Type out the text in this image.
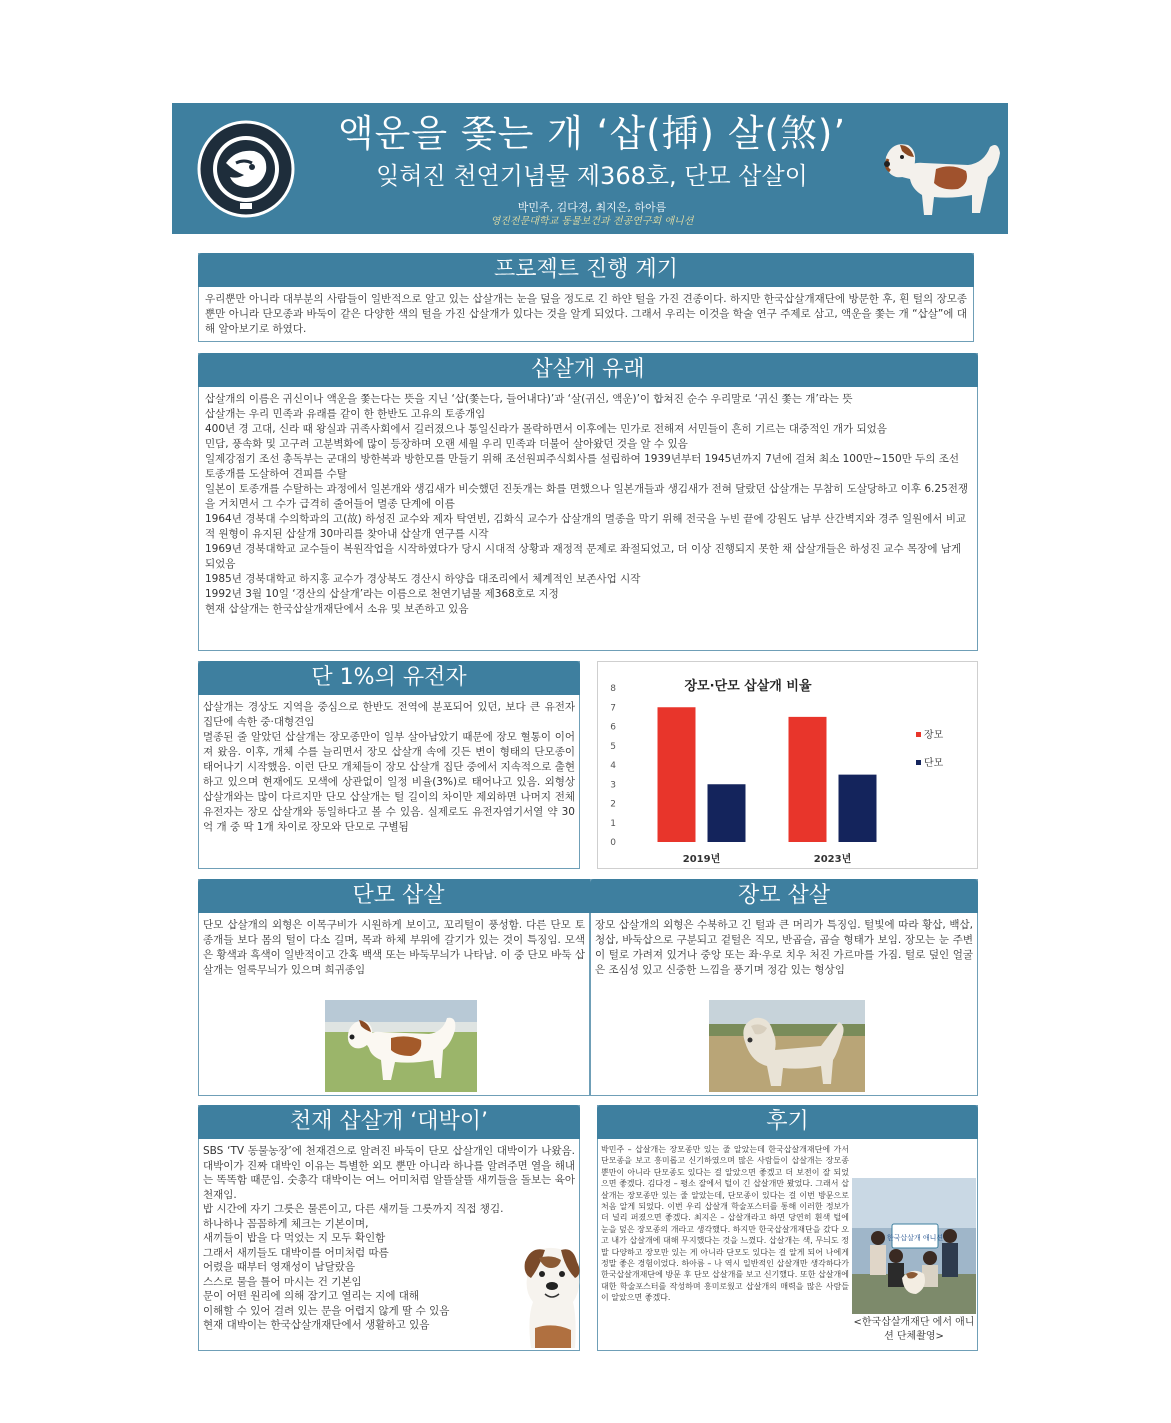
액운을 쫓는 개 ‘삽(揷) 살(煞)’
잊혀진 천연기념물 제368호, 단모 삽살이
박민주, 김다경, 최지은, 하아름
영진전문대학교 동물보건과 전공연구회 애니션
프로젝트 진행 계기
우리뿐만 아니라 대부분의 사람들이 일반적으로 알고 있는 삽살개는 눈을 덮을 정도로 긴 하얀 털을 가진 견종이다. 하지만 한국삽살개재단에 방문한 후, 흰 털의 장모종 뿐만 아니라 단모종과 바둑이 같은 다양한 색의 털을 가진 삽살개가 있다는 것을 알게 되었다. 그래서 우리는 이것을 학술 연구 주제로 삼고, 액운을 쫓는 개 “삽살”에 대해 알아보기로 하였다.
삽살개 유래

삽살개의 이름은 귀신이나 액운을 쫓는다는 뜻을 지닌 ‘삽(쫓는다, 들어내다)’과 ‘살(귀신, 액운)’이 합쳐진 순수 우리말로 ‘귀신 쫓는 개’라는 뜻

삽살개는 우리 민족과 유래를 같이 한 한반도 고유의 토종개임

400년 경 고대, 신라 때 왕실과 귀족사회에서 길러졌으나 통일신라가 몰락하면서 이후에는 민가로 전해져 서민들이 흔히 기르는 대중적인 개가 되었음

민담, 풍속화 및 고구려 고분벽화에 많이 등장하며 오랜 세월 우리 민족과 더불어 살아왔던 것을 알 수 있음

일제강점기 조선 총독부는 군대의 방한복과 방한모를 만들기 위해 조선원피주식회사를 설립하여 1939년부터 1945년까지 7년에 걸쳐 최소 100만~150만 두의 조선 토종개를 도살하여 견피를 수탈

일본이 토종개를 수탈하는 과정에서 일본개와 생김새가 비슷했던 진돗개는 화를 면했으나 일본개들과 생김새가 전혀 달랐던 삽살개는 무참히 도살당하고 이후 6.25전쟁을 거치면서 그 수가 급격히 줄어들어 멸종 단계에 이름

1964년 경북대 수의학과의 고(故) 하성진 교수와 제자 탁연빈, 김화식 교수가 삽살개의 멸종을 막기 위해 전국을 누빈 끝에 강원도 남부 산간벽지와 경주 일원에서 비교적 원형이 유지된 삽살개 30마리를 찾아내 삽살개 연구를 시작

1969년 경북대학교 교수들이 복원작업을 시작하였다가 당시 시대적 상황과 재정적 문제로 좌절되었고, 더 이상 진행되지 못한 채 삽살개들은 하성진 교수 목장에 남게 되었음

1985년 경북대학교 하지홍 교수가 경상북도 경산시 하양읍 대조리에서 체계적인 보존사업 시작

1992년 3월 10일 ‘경산의 삽살개’라는 이름으로 천연기념물 제368호로 지정

현재 삽살개는 한국삽살개재단에서 소유 및 보존하고 있음

단 1%의 유전자

삽살개는 경상도 지역을 중심으로 한반도 전역에 분포되어 있던, 보다 큰 유전자 집단에 속한 중·대형견임

멸종된 줄 알았던 삽살개는 장모종만이 일부 살아남았기 때문에 장모 혈통이 이어져 왔음. 이후, 개체 수를 늘리면서 장모 삽살개 속에 깃든 변이 형태의 단모종이 태어나기 시작했음. 이런 단모 개체들이 장모 삽살개 집단 중에서 지속적으로 출현하고 있으며 현재에도 모색에 상관없이 일정 비율(3%)로 태어나고 있음. 외형상 삽살개와는 많이 다르지만 단모 삽살개는 털 길이의 차이만 제외하면 나머지 전체 유전자는 장모 삽살개와 동일하다고 볼 수 있음. 실제로도 유전자염기서열 약 30억 개 중 딱 1개 차이로 장모와 단모로 구별됨

장모·단모 삽살개 비율
0
1
2
3
4
5
6
7
8
2019년	2023년
장모
단모
단모 삽살
단모 삽살개의 외형은 이목구비가 시원하게 보이고, 꼬리털이 풍성함. 다른 단모 토종개들 보다 몸의 털이 다소 길며, 목과 하체 부위에 갈기가 있는 것이 특징임. 모색은 황색과 흑색이 일반적이고 간혹 백색 또는 바둑무늬가 나타남. 이 중 단모 바둑 삽살개는 얼룩무늬가 있으며 희귀종임
장모 삽살
장모 삽살개의 외형은 수북하고 긴 털과 큰 머리가 특징임. 털빛에 따라 황삽, 백삽, 청삽, 바둑삽으로 구분되고 겉털은 직모, 반곱슬, 곱슬 형태가 보임. 장모는 눈 주변이 털로 가려져 있거나 중앙 또는 좌·우로 치우 처진 가르마를 가짐. 털로 덮인 얼굴은 조심성 있고 신중한 느낌을 풍기며 정감 있는 형상임
천재 삽살개 ‘대박이’

SBS ‘TV 동물농장’에 천재견으로 알려진 바둑이 단모 삽살개인 대박이가 나왔음. 대박이가 진짜 대박인 이유는 특별한 외모 뿐만 아니라 하나를 알려주면 열을 해내는 똑똑함 때문임. 숫총각 대박이는 여느 어미처럼 알뜰살뜰 새끼들을 돌보는 육아 천재임.

밥 시간에 자기 그릇은 물론이고, 다른 새끼들 그릇까지 직접 챙김.

하나하나 꼼꼼하게 체크는 기본이며,

새끼들이 밥을 다 먹었는 지 모두 확인함

그래서 새끼들도 대박이를 어미처럼 따름

어렸을 때부터 영재성이 남달랐음

스스로 물을 틀어 마시는 건 기본임

문이 어떤 원리에 의해 잠기고 열리는 지에 대해

이해할 수 있어 걸려 있는 문을 어렵지 않게 딸 수 있음

현재 대박이는 한국삽살개재단에서 생활하고 있음

후기
박민주 – 삽살개는 장모종만 있는 줄 알았는데 한국삽살개재단에 가서 단모종을 보고 흥미롭고 신기하였으며 많은 사람들이 삽살개는 장모종 뿐만이 아니라 단모종도 있다는 걸 알았으면 좋겠고 더 보전이 잘 되었으면 좋겠다. 김다경 – 평소 잘에서 털이 긴 삽살개만 봤었다. 그래서 삽살개는 장모종만 있는 줄 알았는데, 단모종이 있다는 걸 이번 방문으로 처음 알게 되었다. 이번 우리 삽살개 학술포스터를 통해 이러한 정보가 더 널리 퍼졌으면 좋겠다. 최지은 – 삽살개라고 하면 당연히 흰색 털에 눈을 덮은 장모종의 개라고 생각했다. 하지만 한국삽살개재단을 갔다 오고 내가 삽살개에 대해 무지했다는 것을 느꼈다. 삽살개는 색, 무늬도 정말 다양하고 장모만 있는 게 아니라 단모도 있다는 걸 알게 되어 나에게 정말 좋은 경험이었다. 하아름 – 나 역시 일반적인 삽살개만 생각하다가 한국삽살개재단에 방문 후 단모 삽살개를 보고 신기했다. 또한 삽살개에 대한 학술포스터를 작성하며 흥미로웠고 삽살개의 매력을 많은 사람들이 알았으면 좋겠다.
한국삽살개 애니션
<한국삽살개재단 에서 애니션 단체촬영>
